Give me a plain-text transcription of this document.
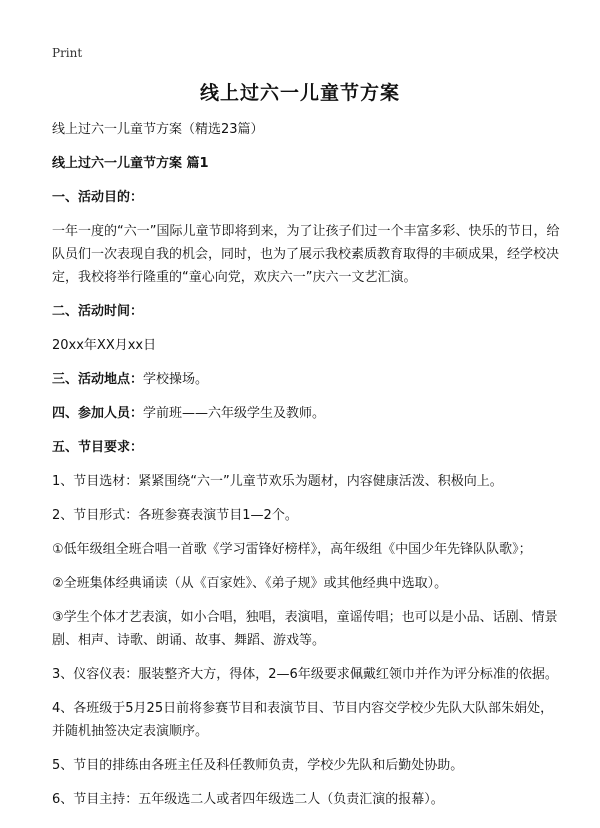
Print
线上过六一儿童节方案

线上过六一儿童节方案（精选23篇）

线上过六一儿童节方案 篇1

一、活动目的：

一年一度的“六一”国际儿童节即将到来，为了让孩子们过一个丰富多彩、快乐的节日，给队员们一次表现自我的机会，同时，也为了展示我校素质教育取得的丰硕成果，经学校决定，我校将举行隆重的“童心向党，欢庆六一”庆六一文艺汇演。

二、活动时间：

20xx年XX月xx日

三、活动地点：学校操场。

四、参加人员：学前班——六年级学生及教师。

五、节目要求：

1、节目选材：紧紧围绕“六一”儿童节欢乐为题材，内容健康活泼、积极向上。

2、节目形式：各班参赛表演节目1—2个。

①低年级组全班合唱一首歌《学习雷锋好榜样》，高年级组《中国少年先锋队队歌》；

②全班集体经典诵读（从《百家姓》、《弟子规》或其他经典中选取）。

③学生个体才艺表演，如小合唱，独唱，表演唱，童谣传唱；也可以是小品、话剧、情景剧、相声、诗歌、朗诵、故事、舞蹈、游戏等。

3、仪容仪表：服装整齐大方，得体，2—6年级要求佩戴红领巾并作为评分标准的依据。

4、各班级于5月25日前将参赛节目和表演节目、节目内容交学校少先队大队部朱娟处，并随机抽签决定表演顺序。

5、节目的排练由各班主任及科任教师负责，学校少先队和后勤处协助。

6、节目主持：五年级选二人或者四年级选二人（负责汇演的报幕）。
